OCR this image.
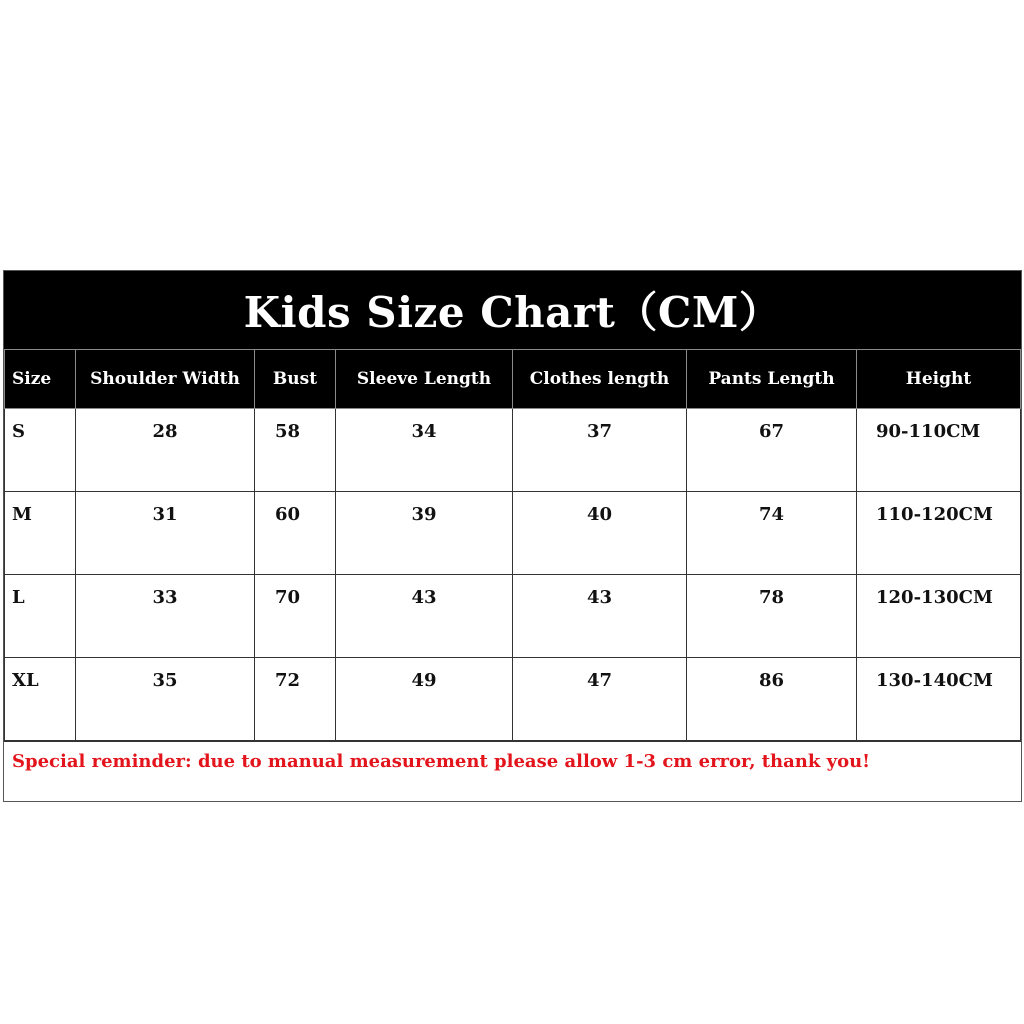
Kids Size Chart（CM）
Size	Shoulder Width	Bust	Sleeve Length	Clothes length	Pants Length	Height
S	28	58	34	37	67	90-110CM
M	31	60	39	40	74	110-120CM
L	33	70	43	43	78	120-130CM
XL	35	72	49	47	86	130-140CM
Special reminder: due to manual measurement please allow 1-3 cm error, thank you!
